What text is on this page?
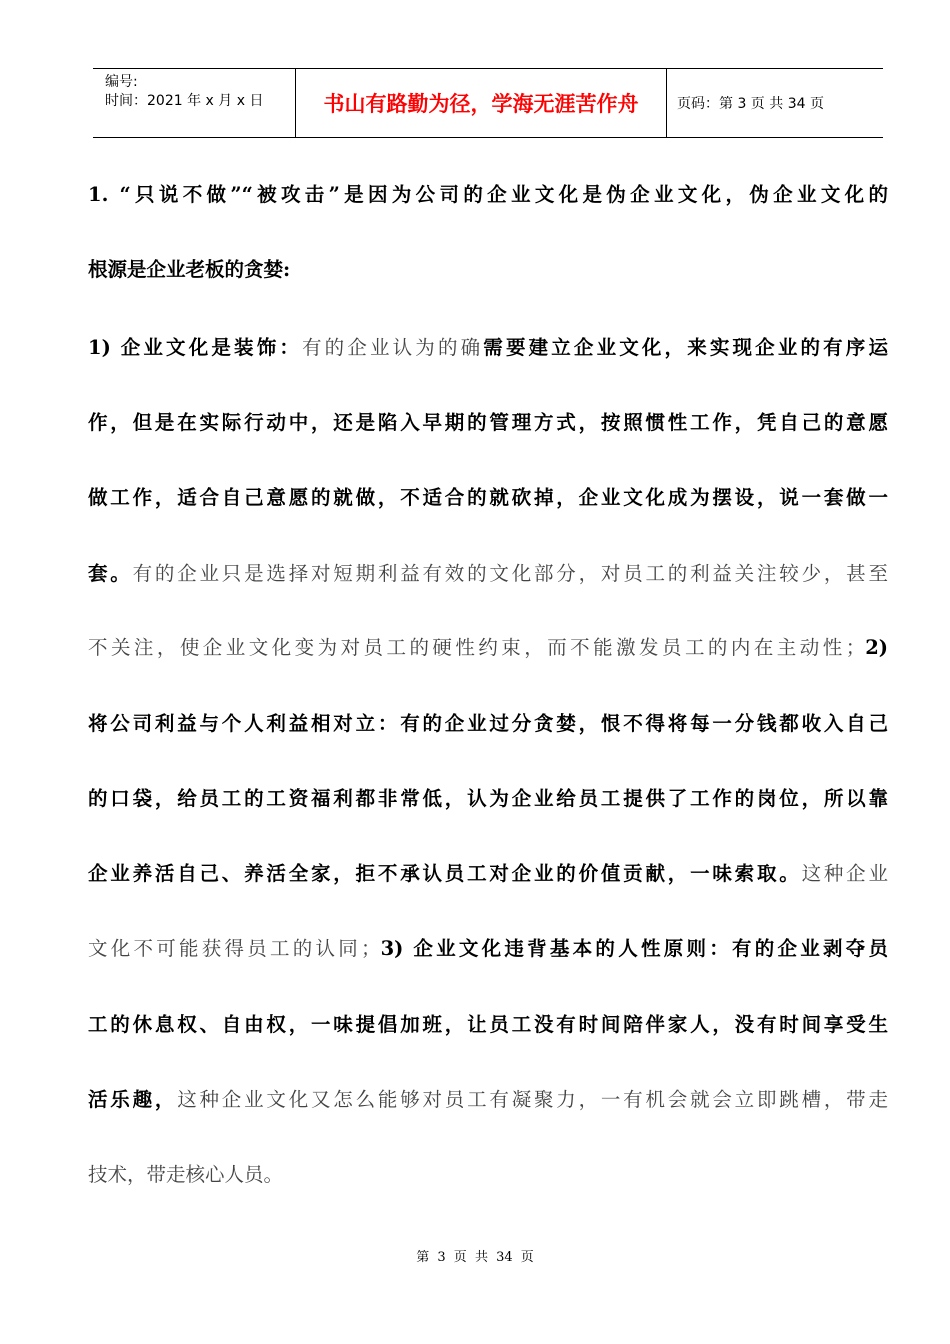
编号:
时间：2021 年 x 月 x 日	书山有路勤为径，学海无涯苦作舟	页码：第 3 页 共 34 页
1. “只说不做”“被攻击”是因为公司的企业文化是伪企业文化，伪企业文化的
根源是企业老板的贪婪:
1) 企业文化是装饰：有的企业认为的确需要建立企业文化，来实现企业的有序运
作，但是在实际行动中，还是陷入早期的管理方式，按照惯性工作，凭自己的意愿
做工作，适合自己意愿的就做，不适合的就砍掉，企业文化成为摆设，说一套做一
套。有的企业只是选择对短期利益有效的文化部分，对员工的利益关注较少，甚至
不关注，使企业文化变为对员工的硬性约束，而不能激发员工的内在主动性；2)
将公司利益与个人利益相对立：有的企业过分贪婪，恨不得将每一分钱都收入自己
的口袋，给员工的工资福利都非常低，认为企业给员工提供了工作的岗位，所以靠
企业养活自己、养活全家，拒不承认员工对企业的价值贡献，一味索取。这种企业
文化不可能获得员工的认同；3) 企业文化违背基本的人性原则：有的企业剥夺员
工的休息权、自由权，一味提倡加班，让员工没有时间陪伴家人，没有时间享受生
活乐趣，这种企业文化又怎么能够对员工有凝聚力，一有机会就会立即跳槽，带走
技术，带走核心人员。
第 3 页 共 34 页
